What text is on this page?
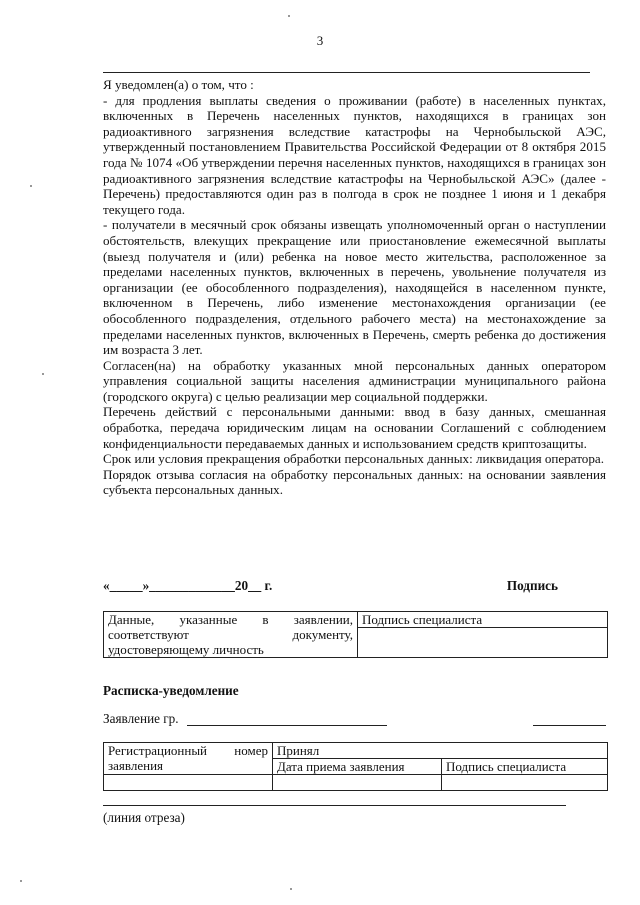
3

Я уведомлен(а) о том, что :

- для продления выплаты сведения о проживании (работе) в населенных пунктах, включенных в Перечень населенных пунктов, находящихся в границах зон радиоактивного загрязнения вследствие катастрофы на Чернобыльской АЭС, утвержденный постановлением Правительства Российской Федерации от 8 октября 2015 года № 1074 «Об утверждении перечня населенных пунктов, находящихся в границах зон радиоактивного загрязнения вследствие катастрофы на Чернобыльской АЭС» (далее - Перечень) предоставляются один раз в полгода в срок не позднее 1 июня и 1 декабря текущего года.

- получатели в месячный срок обязаны извещать уполномоченный орган о наступлении обстоятельств, влекущих прекращение или приостановление ежемесячной выплаты (выезд получателя и (или) ребенка на новое место жительства, расположенное за пределами населенных пунктов, включенных в перечень, увольнение получателя из организации (ее обособленного подразделения), находящейся в населенном пункте, включенном в Перечень, либо изменение местонахождения организации (ее обособленного подразделения, отдельного рабочего места) на местонахождение за пределами населенных пунктов, включенных в Перечень, смерть ребенка до достижения им возраста 3 лет.

Согласен(на) на обработку указанных мной персональных данных оператором управления социальной защиты населения администрации муниципального района (городского округа) с целью реализации мер социальной поддержки.

Перечень действий с персональными данными: ввод в базу данных, смешанная обработка, передача юридическим лицам на основании Соглашений с соблюдением конфиденциальности передаваемых данных и использованием средств криптозащиты.

Срок или условия прекращения обработки персональных данных: ликвидация оператора.

Порядок отзыва согласия на обработку персональных данных: на основании заявления субъекта персональных данных.

«_____»_____________20__ г.	Подпись
Данные, указанные в заявлении,
соответствуют документу,
удостоверяющему личность
	Подпись специалиста

Расписка-уведомление
Заявление гр.
Регистрационный номер заявления	Принял	
	Дата приема заявления	Подпись специалиста

(линия отреза)
